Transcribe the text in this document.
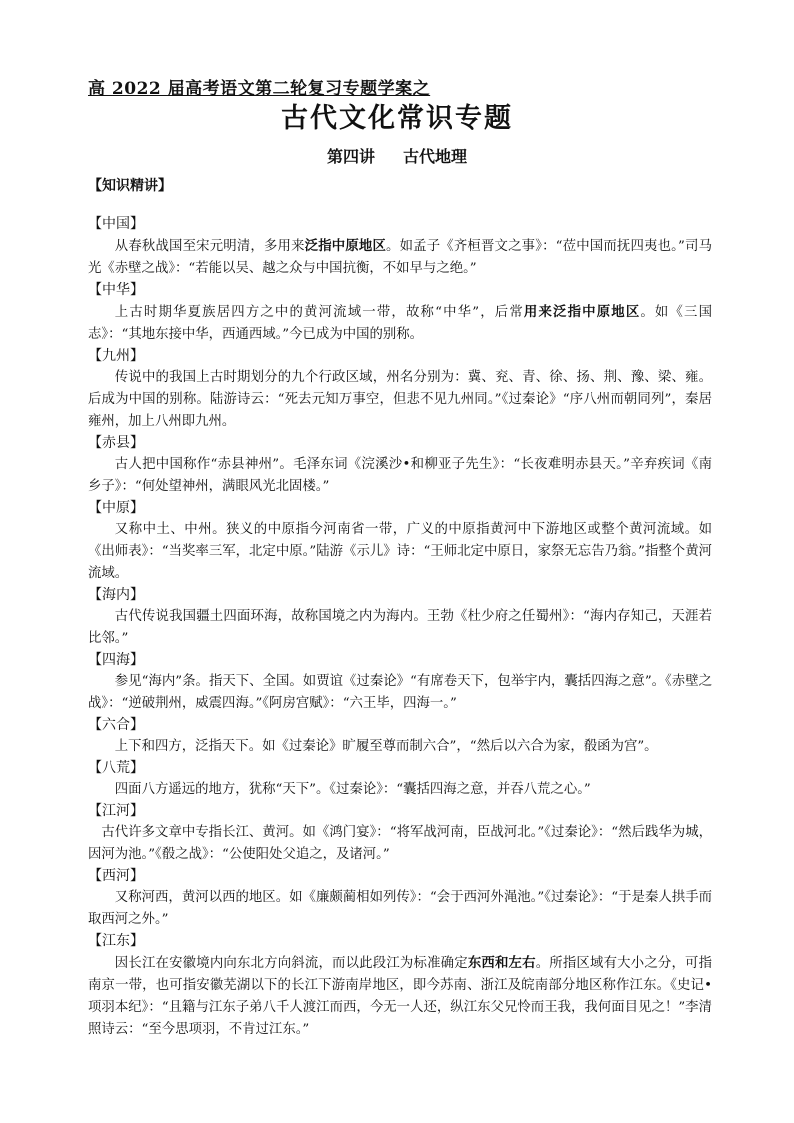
高 2022 届高考语文第二轮复习专题学案之
古代文化常识专题
第四讲 古代地理
【知识精讲】
【中国】

从春秋战国至宋元明清，多用来泛指中原地区。如孟子《齐桓晋文之事》：“莅中国而抚四夷也。”司马光《赤壁之战》：“若能以吴、越之众与中国抗衡，不如早与之绝。”

【中华】

上古时期华夏族居四方之中的黄河流域一带，故称“中华”，后常用来泛指中原地区。如《三国志》：“其地东接中华，西通西域。”今已成为中国的别称。

【九州】

传说中的我国上古时期划分的九个行政区域，州名分别为：冀、兖、青、徐、扬、荆、豫、梁、雍。后成为中国的别称。陆游诗云：“死去元知万事空，但悲不见九州同。”《过秦论》“序八州而朝同列”，秦居雍州，加上八州即九州。

【赤县】

古人把中国称作“赤县神州”。毛泽东词《浣溪沙•和柳亚子先生》：“长夜难明赤县天。”辛弃疾词《南乡子》：“何处望神州，满眼风光北固楼。”

【中原】

又称中土、中州。狭义的中原指今河南省一带，广义的中原指黄河中下游地区或整个黄河流域。如《出师表》：“当奖率三军，北定中原。”陆游《示儿》诗：“王师北定中原日，家祭无忘告乃翁。”指整个黄河流域。

【海内】

古代传说我国疆土四面环海，故称国境之内为海内。王勃《杜少府之任蜀州》：“海内存知己，天涯若比邻。”

【四海】

参见“海内”条。指天下、全国。如贾谊《过秦论》“有席卷天下，包举宇内，囊括四海之意”。《赤壁之战》：“逆破荆州，威震四海。”《阿房宫赋》：“六王毕，四海一。”

【六合】

上下和四方，泛指天下。如《过秦论》旷履至尊而制六合”，“然后以六合为家，殽函为宫”。

【八荒】

四面八方遥远的地方，犹称“天下”。《过秦论》：“囊括四海之意，并吞八荒之心。”

【江河】

古代许多文章中专指长江、黄河。如《鸿门宴》：“将军战河南，臣战河北。”《过秦论》：“然后践华为城，因河为池。”《殽之战》：“公使阳处父追之，及诸河。”

【西河】

又称河西，黄河以西的地区。如《廉颇蔺相如列传》：“会于西河外渑池。”《过秦论》：“于是秦人拱手而取西河之外。”

【江东】

因长江在安徽境内向东北方向斜流，而以此段江为标准确定东西和左右。所指区域有大小之分，可指南京一带，也可指安徽芜湖以下的长江下游南岸地区，即今苏南、浙江及皖南部分地区称作江东。《史记•项羽本纪》：“且籍与江东子弟八千人渡江而西，今无一人还，纵江东父兄怜而王我，我何面目见之！”李清照诗云：“至今思项羽，不肯过江东。”
